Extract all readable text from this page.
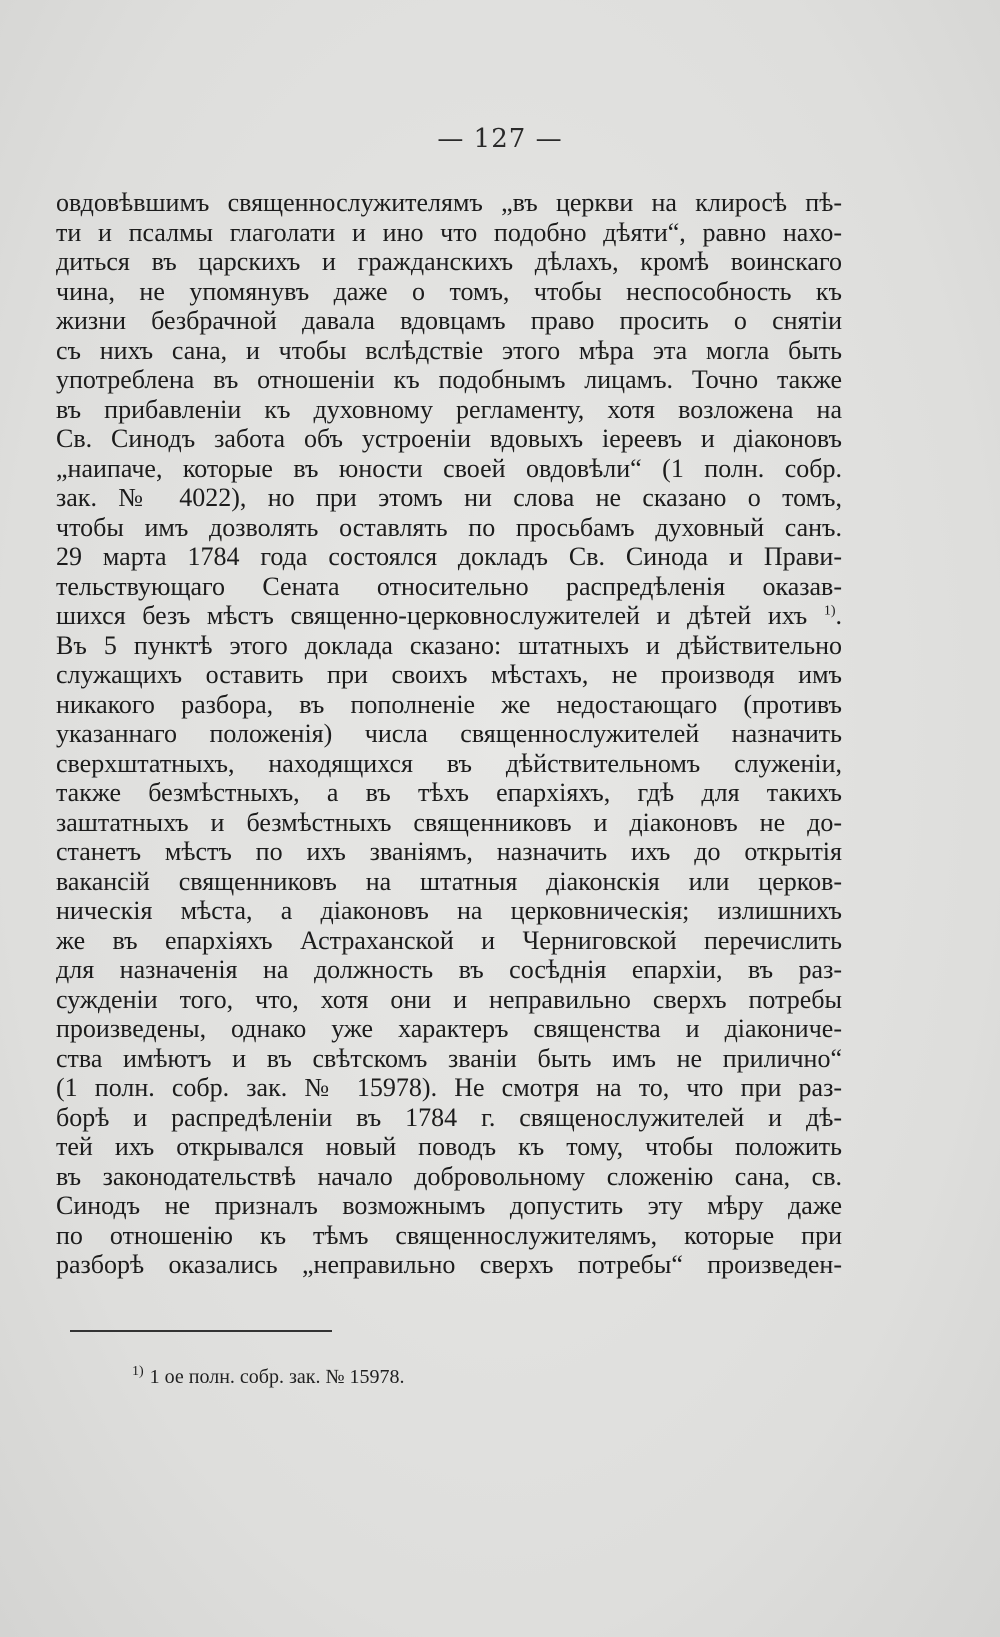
— 127 —
овдовѣвшимъ священнослужителямъ „въ церкви на клиросѣ пѣ-
ти и псалмы глаголати и ино что подобно дѣяти“, равно нахо-
диться въ царскихъ и гражданскихъ дѣлахъ, кромѣ воинскаго
чина, не упомянувъ даже о томъ, чтобы неспособность къ
жизни безбрачной давала вдовцамъ право просить о снятіи
съ нихъ сана, и чтобы вслѣдствіе этого мѣра эта могла быть
употреблена въ отношеніи къ подобнымъ лицамъ. Точно также
въ прибавленіи къ духовному регламенту, хотя возложена на
Св. Синодъ забота объ устроеніи вдовыхъ іереевъ и діаконовъ
„наипаче, которые въ юности своей овдовѣли“ (1 полн. собр.
зак. № 4022), но при этомъ ни слова не сказано о томъ,
чтобы имъ дозволять оставлять по просьбамъ духовный санъ.
29 марта 1784 года состоялся докладъ Св. Синода и Прави-
тельствующаго Сената относительно распредѣленія оказав-
шихся безъ мѣстъ священно-церковнослужителей и дѣтей ихъ $^{1)}$.
Въ 5 пунктѣ этого доклада сказано: штатныхъ и дѣйствительно
служащихъ оставить при своихъ мѣстахъ, не производя имъ
никакого разбора, въ пополненіе же недостающаго (противъ
указаннаго положенія) числа священнослужителей назначить
сверхштатныхъ, находящихся въ дѣйствительномъ служеніи,
также безмѣстныхъ, а въ тѣхъ епархіяхъ, гдѣ для такихъ
заштатныхъ и безмѣстныхъ священниковъ и діаконовъ не до-
станетъ мѣстъ по ихъ званіямъ, назначить ихъ до открытія
вакансій священниковъ на штатныя діаконскія или церков-
ническія мѣста, а діаконовъ на церковническія; излишнихъ
же въ епархіяхъ Астраханской и Черниговской перечислить
для назначенія на должность въ сосѣднія епархіи, въ раз-
сужденіи того, что, хотя они и неправильно сверхъ потребы
произведены, однако уже характеръ священства и діакониче-
ства имѣютъ и въ свѣтскомъ званіи быть имъ не прилично“
(1 полн. собр. зак. № 15978). Не смотря на то, что при раз-
борѣ и распредѣленіи въ 1784 г. священослужителей и дѣ-
тей ихъ открывался новый поводъ къ тому, чтобы положить
въ законодательствѣ начало добровольному сложенію сана, св.
Синодъ не призналъ возможнымъ допустить эту мѣру даже
по отношенію къ тѣмъ священнослужителямъ, которые при
разборѣ оказались „неправильно сверхъ потребы“ произведен-
$^{1)}$ 1 ое полн. собр. зак. № 15978.
